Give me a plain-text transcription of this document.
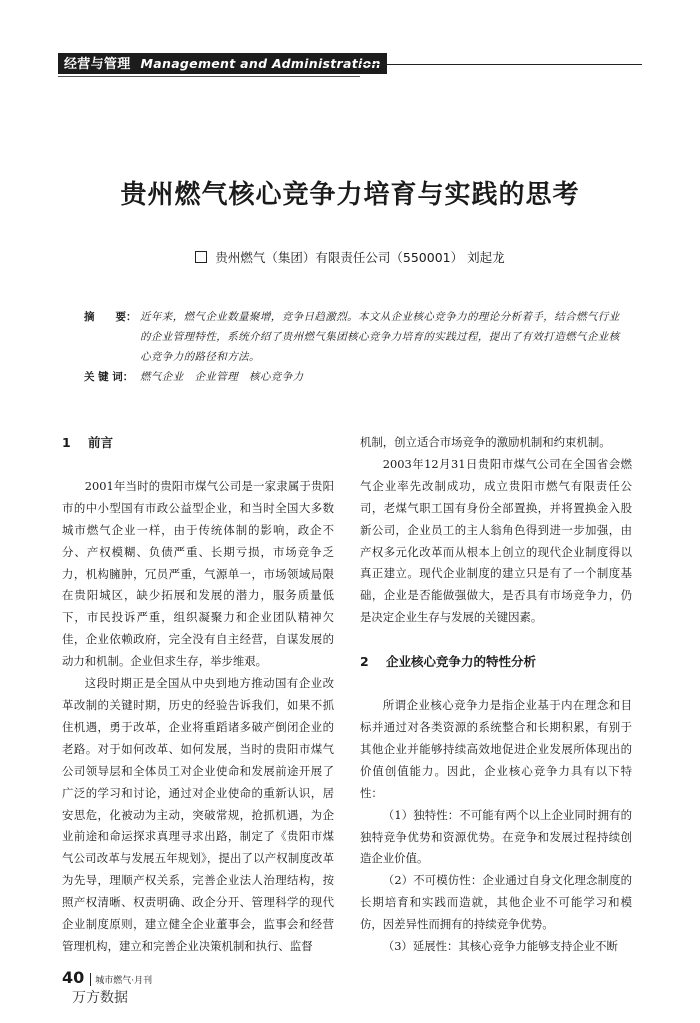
经营与管理 Management and Administration
贵州燃气核心竞争力培育与实践的思考
贵州燃气（集团）有限责任公司（550001） 刘起龙
摘　　要： 近年来，燃气企业数量聚增，竞争日趋激烈。本文从企业核心竞争力的理论分析着手，结合燃气行业的企业管理特性，系统介绍了贵州燃气集团核心竞争力培育的实践过程，提出了有效打造燃气企业核心竞争力的路径和方法。
关 键 词： 燃气企业　企业管理　核心竞争力

1 前言

2001年当时的贵阳市煤气公司是一家隶属于贵阳市的中小型国有市政公益型企业，和当时全国大多数城市燃气企业一样，由于传统体制的影响，政企不分、产权模糊、负债严重、长期亏损，市场竞争乏力，机构臃肿，冗员严重，气源单一，市场领域局限在贵阳城区，缺少拓展和发展的潜力，服务质量低下，市民投诉严重，组织凝聚力和企业团队精神欠佳，企业依赖政府，完全没有自主经营，自谋发展的动力和机制。企业但求生存，举步维艰。

这段时期正是全国从中央到地方推动国有企业改革改制的关键时期，历史的经验告诉我们，如果不抓住机遇，勇于改革，企业将重蹈诸多破产倒闭企业的老路。对于如何改革、如何发展，当时的贵阳市煤气公司领导层和全体员工对企业使命和发展前途开展了广泛的学习和讨论，通过对企业使命的重新认识，居安思危，化被动为主动，突破常规，抢抓机遇，为企业前途和命运探求真理寻求出路，制定了《贵阳市煤气公司改革与发展五年规划》，提出了以产权制度改革为先导，理顺产权关系，完善企业法人治理结构，按照产权清晰、权责明确、政企分开、管理科学的现代企业制度原则，建立健全企业董事会，监事会和经营管理机构，建立和完善企业决策机制和执行、监督

机制，创立适合市场竞争的激励机制和约束机制。

2003年12月31日贵阳市煤气公司在全国省会燃气企业率先改制成功，成立贵阳市燃气有限责任公司，老煤气职工国有身份全部置换，并将置换金入股新公司，企业员工的主人翁角色得到进一步加强，由产权多元化改革而从根本上创立的现代企业制度得以真正建立。现代企业制度的建立只是有了一个制度基础，企业是否能做强做大，是否具有市场竞争力，仍是决定企业生存与发展的关键因素。

2 企业核心竞争力的特性分析

所谓企业核心竞争力是指企业基于内在理念和目标并通过对各类资源的系统整合和长期积累，有别于其他企业并能够持续高效地促进企业发展所体现出的价值创值能力。因此，企业核心竞争力具有以下特性：

（1）独特性：不可能有两个以上企业同时拥有的独特竞争优势和资源优势。在竞争和发展过程持续创造企业价值。

（2）不可模仿性：企业通过自身文化理念制度的长期培育和实践而造就，其他企业不可能学习和模仿，因差异性而拥有的持续竞争优势。

（3）延展性：其核心竞争力能够支持企业不断

40	城市燃气·月刊
万方数据
